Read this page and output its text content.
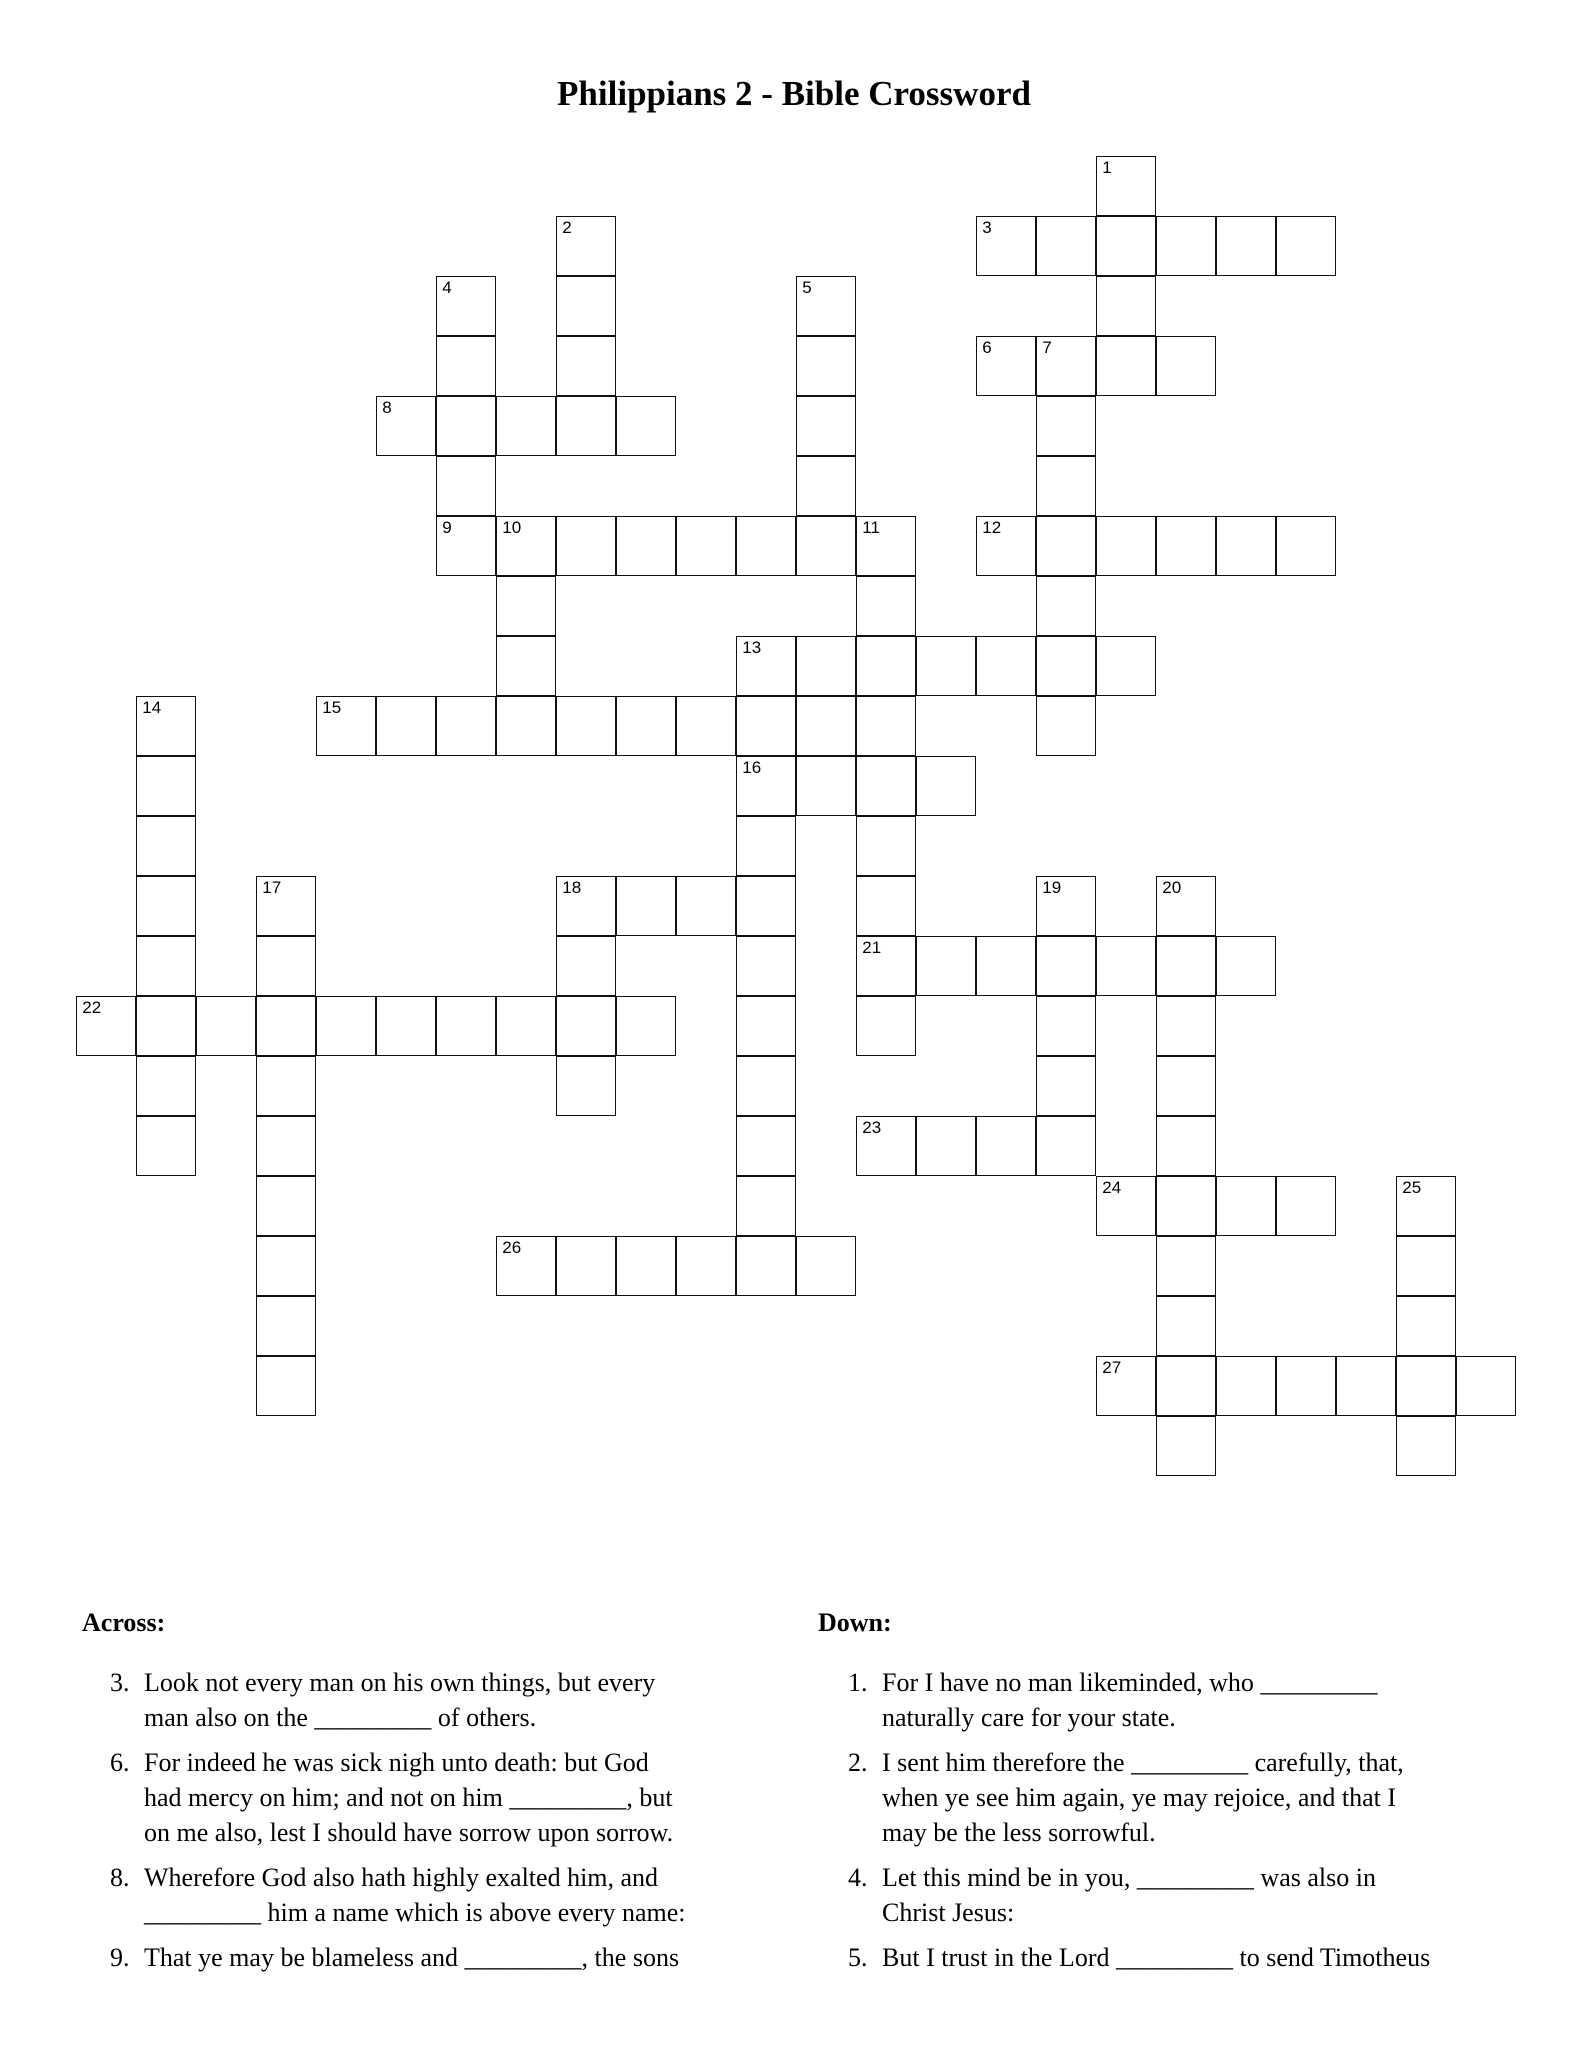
Philippians 2 - Bible Crossword
1
2	3
4
9
5
6	7
8
10	11
21
12
13
14	15
16
17	18	19	20
22
23
24	25
26
27
Across:	Down:
3. Look not every man on his own things, but every
man also on the _________ of others.
6. For indeed he was sick nigh unto death: but God
had mercy on him; and not on him _________, but
on me also, lest I should have sorrow upon sorrow.
8. Wherefore God also hath highly exalted him, and
_________ him a name which is above every name:
9. That ye may be blameless and _________, the sons
1. For I have no man likeminded, who _________
naturally care for your state.
2. I sent him therefore the _________ carefully, that,
when ye see him again, ye may rejoice, and that I
may be the less sorrowful.
4. Let this mind be in you, _________ was also in
Christ Jesus:
5. But I trust in the Lord _________ to send Timotheus
